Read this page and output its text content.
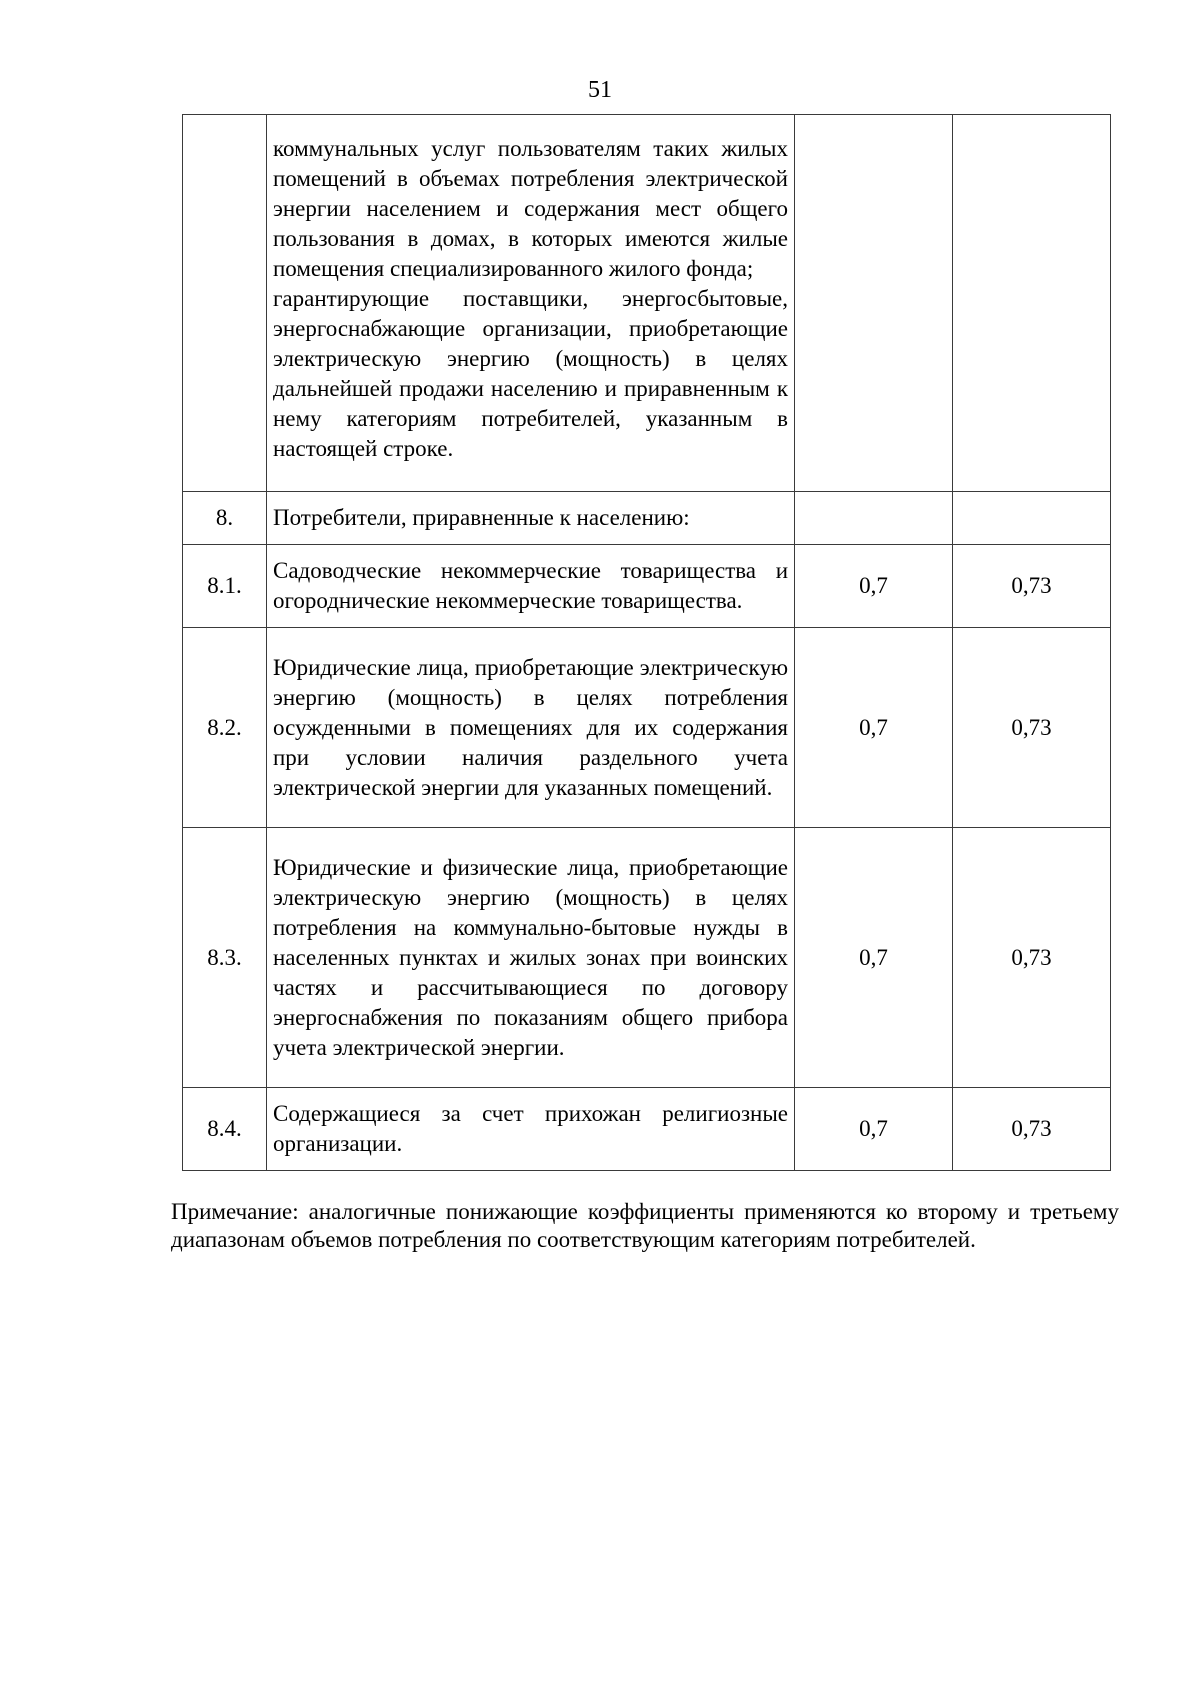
51

	коммунальных услуг пользователям таких жилых помещений в объемах потребления электрической энергии населением и содержания мест общего пользования в домах, в которых имеются жилые помещения специализированного жилого фонда;
гарантирующие поставщики, энергосбытовые, энергоснабжающие организации, приобретающие электрическую энергию (мощность) в целях дальнейшей продажи населению и приравненным к нему категориям потребителей, указанным в настоящей строке.		

8.	Потребители, приравненные к населению:		
8.1.	Садоводческие некоммерческие товарищества и огороднические некоммерческие товарищества.	0,7	0,73
8.2.	Юридические лица, приобретающие электрическую энергию (мощность) в целях потребления осужденными в помещениях для их содержания при условии наличия раздельного учета электрической энергии для указанных помещений.	0,7	0,73
8.3.	Юридические и физические лица, приобретающие электрическую энергию (мощность) в целях потребления на коммунально-бытовые нужды в населенных пунктах и жилых зонах при воинских частях и рассчитывающиеся по договору энергоснабжения по показаниям общего прибора учета электрической энергии.	0,7	0,73
8.4.	Содержащиеся за счет прихожан религиозные организации.	0,7	0,73
Примечание: аналогичные понижающие коэффициенты применяются ко второму и третьему диапазонам объемов потребления по соответствующим категориям потребителей.
